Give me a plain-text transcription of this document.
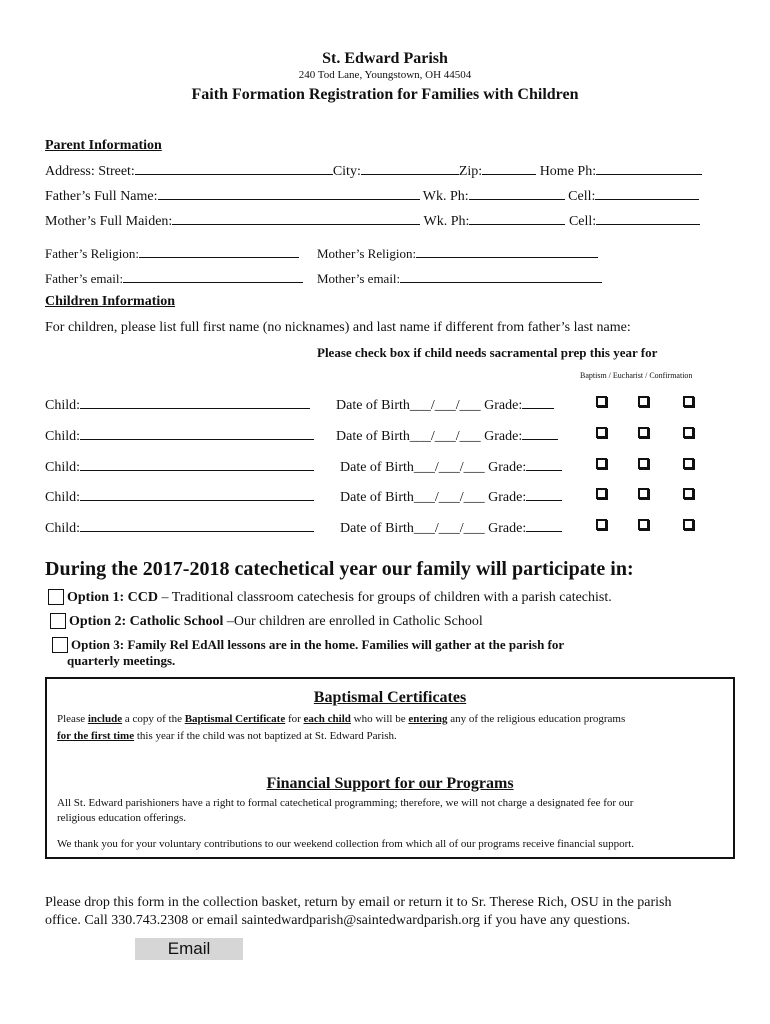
St. Edward Parish
240 Tod Lane, Youngstown, OH 44504
Faith Formation Registration for Families with Children
Parent Information
Address: Street:	City:	Zip:	Home Ph:
Father’s Full Name:	Wk. Ph:	Cell:
Mother’s Full Maiden:	Wk. Ph:	Cell:
Father’s Religion:	Mother’s Religion:
Father’s email:	Mother’s email:
Children Information
For children, please list full first name (no nicknames) and last name if different from father’s last name:
Please check box if child needs sacramental prep this year for
Baptism / Eucharist / Confirmation
Child:	Date of Birth___/___/___ Grade:
Child:	Date of Birth___/___/___ Grade:
Child:	Date of Birth___/___/___ Grade:
Child:	Date of Birth___/___/___ Grade:
Child:	Date of Birth___/___/___ Grade:
During the 2017-2018 catechetical year our family will participate in:
Option 1: CCD – Traditional classroom catechesis for groups of children with a parish catechist.
Option 2: Catholic School –Our children are enrolled in Catholic School
Option 3: Family Rel EdAll lessons are in the home. Families will gather at the parish for
quarterly meetings.
Baptismal Certificates
Please include a copy of the Baptismal Certificate for each child who will be entering any of the religious education programs
for the first time this year if the child was not baptized at St. Edward Parish.
Financial Support for our Programs
All St. Edward parishioners have a right to formal catechetical programming; therefore, we will not charge a designated fee for our
religious education offerings.
We thank you for your voluntary contributions to our weekend collection from which all of our programs receive financial support.
Please drop this form in the collection basket, return by email or return it to Sr. Therese Rich, OSU in the parish
office. Call 330.743.2308 or email saintedwardparish@saintedwardparish.org if you have any questions.
Email
